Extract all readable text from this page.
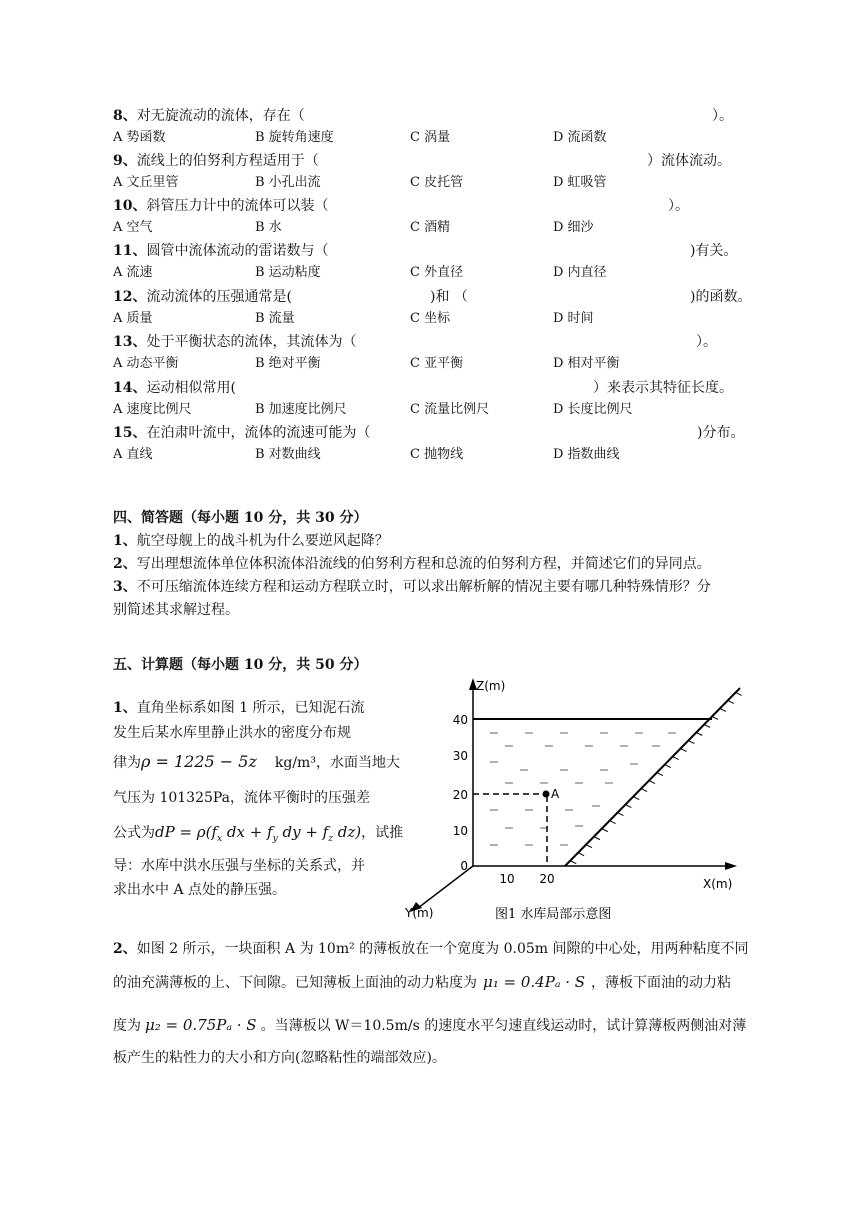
8、对无旋流动的流体，存在（	）。
A 势函数	B 旋转角速度	C 涡量	D 流函数
9、流线上的伯努利方程适用于（	）流体流动。
A 文丘里管	B 小孔出流	C 皮托管	D 虹吸管
10、斜管压力计中的流体可以装（	）。
A 空气	B 水	C 酒精	D 细沙
11、圆管中流体流动的雷诺数与（	)有关。
A 流速	B 运动粘度	C 外直径	D 内直径
12、流动流体的压强通常是(	)和 （	)的函数。
A 质量	B 流量	C 坐标	D 时间
13、处于平衡状态的流体，其流体为（	）。
A 动态平衡	B 绝对平衡	C 亚平衡	D 相对平衡
14、运动相似常用(	）来表示其特征长度。
A 速度比例尺	B 加速度比例尺	C 流量比例尺	D 长度比例尺
15、在泊肃叶流中，流体的流速可能为（	)分布。
A 直线	B 对数曲线	C 抛物线	D 指数曲线
四、简答题（每小题 10 分，共 30 分）
1、航空母舰上的战斗机为什么要逆风起降？
2、写出理想流体单位体积流体沿流线的伯努利方程和总流的伯努利方程，并简述它们的异同点。
3、不可压缩流体连续方程和运动方程联立时，可以求出解析解的情况主要有哪几种特殊情形？分
别简述其求解过程。
五、计算题（每小题 10 分，共 50 分）
1、直角坐标系如图 1 所示，已知泥石流
发生后某水库里静止洪水的密度分布规
律为ρ = 1225 − 5z kg/m³，水面当地大
气压为 101325Pa，流体平衡时的压强差
公式为dP = $\rho(f_x$ dx + $f_y$ dy + $f_z$ dz)，试推
导：水库中洪水压强与坐标的关系式，并
求出水中 A 点处的静压强。
Z(m)
X(m)
Y(m)
40
30
20
10
0
10 20
A
图1 水库局部示意图
2、如图 2 所示，一块面积 A 为 10m² 的薄板放在一个宽度为 0.05m 间隙的中心处，用两种粘度不同
的油充满薄板的上、下间隙。已知薄板上面油的动力粘度为 μ₁ = 0.4Pₐ · S ，薄板下面油的动力粘
度为 μ₂ = 0.75Pₐ · S 。当薄板以 W＝10.5m/s 的速度水平匀速直线运动时，试计算薄板两侧油对薄
板产生的粘性力的大小和方向(忽略粘性的端部效应)。
